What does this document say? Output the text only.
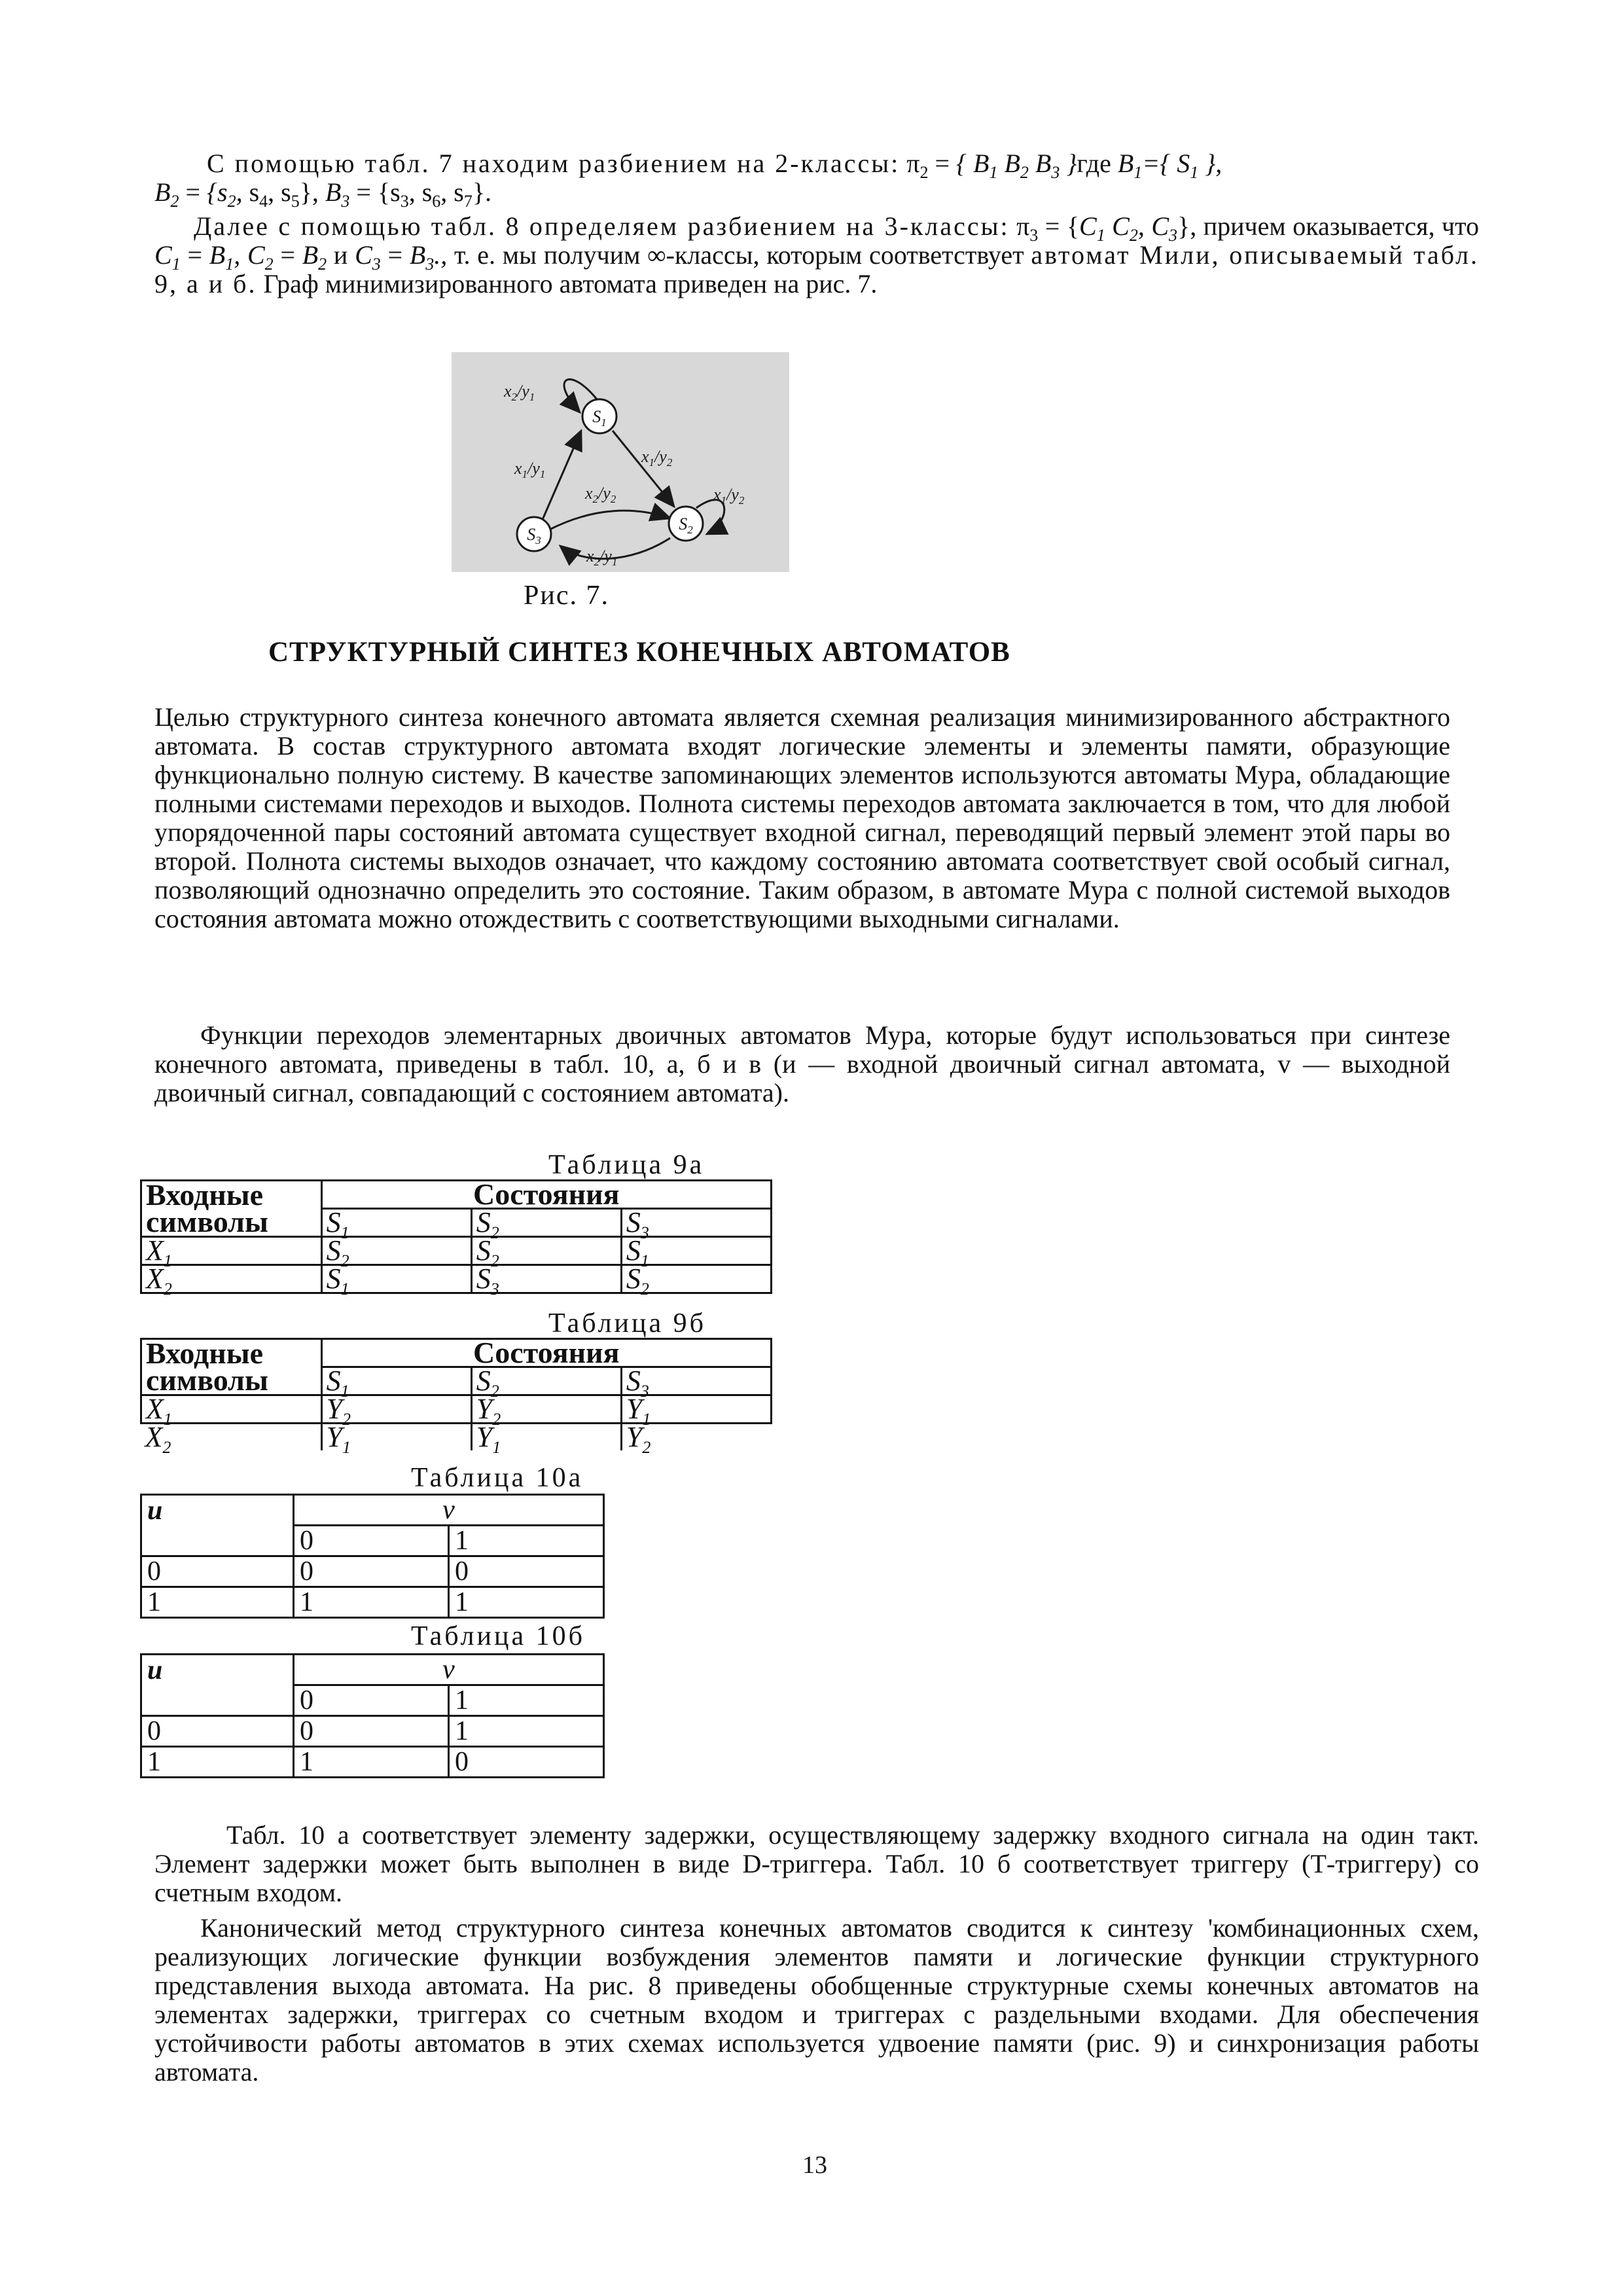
С помощью табл. 7 находим разбиением на 2-классы: $\pi_2$ = { $B_1$ $B_2$ $B_3$ }где $B_1=${ $S_1$ },
$B_2 = \{s_2$, $s_4$, $s_5$}, $B_3 = \{s_3$, $s_6$, $s_7$}.

Далее с помощью табл. 8 определяем разбиением на 3-классы: $\pi_3 = \{C_1$ $C_2$, $C_3$}, причем оказывается, что $C_1 = B_1$, $C_2 = B_2$ и $C_3 = B_3$., т. е. мы получим ∞-классы, которым соответствует автомат Мили, описываемый табл. 9, а и б. Граф минимизированного автомата приведен на рис. 7.

$S_1$
$S_2$
$S_3$
$x_2/y_1$
$x_1/y_2$
$x_1/y_1$
$x_2/y_2$	$x_1/y_2$
$x_2/y_1$
Рис. 7.
СТРУКТУРНЫЙ СИНТЕЗ КОНЕЧНЫХ АВТОМАТОВ

Целью структурного синтеза конечного автомата является схемная реализация минимизированного абстрактного автомата. В состав структурного автомата входят логические элементы и элементы памяти, образующие функционально полную систему. В качестве запоминающих элементов используются автоматы Мура, обладающие полными системами переходов и выходов. Полнота системы переходов автомата заключается в том, что для любой упорядоченной пары состояний автомата существует входной сигнал, переводящий первый элемент этой пары во второй. Полнота системы выходов означает, что каждому состоянию автомата соответствует свой особый сигнал, позволяющий однозначно определить это состояние. Таким образом, в автомате Мура с полной системой выходов состояния автомата можно отождествить с соответствующими выходными сигналами.

Функции переходов элементарных двоичных автоматов Мура, которые будут использоваться при синтезе конечного автомата, приведены в табл. 10, а, б и в (и — входной двоичный сигнал автомата, v — выходной двоичный сигнал, совпадающий с состоянием автомата).

Таблица 9а
Входные	Состояния		
символы	$S_1$	$S_2$	$S_3$
$X_1$	$S_2$	$S_2$	$S_1$
$X_2$	$S_1$	$S_3$	$S_2$
Таблица 9б
Входные	Состояния		
символы	$S_1$	$S_2$	$S_3$
$X_1$	$Y_2$	$Y_2$	$Y_1$
$X_2$	$Y_1$	$Y_1$	$Y_2$
Таблица 10а
u	v	
	0	1
0	0	0
1	1	1
Таблица 10б
u	v	
	0	1
0	0	1
1	1	0

Табл. 10 а соответствует элементу задержки, осуществляющему задержку входного сигнала на один такт. Элемент задержки может быть выполнен в виде D-триггера. Табл. 10 б соответствует триггеру (Т-триггеру) со счетным входом.

Канонический метод структурного синтеза конечных автоматов сводится к синтезу 'комбинационных схем, реализующих логические функции возбуждения элементов памяти и логические функции структурного представления выхода автомата. На рис. 8 приведены обобщенные структурные схемы конечных автоматов на элементах задержки, триггерах со счетным входом и триггерах с раздельными входами. Для обеспечения устойчивости работы автоматов в этих схемах используется удвоение памяти (рис. 9) и синхронизация работы автомата.

13
